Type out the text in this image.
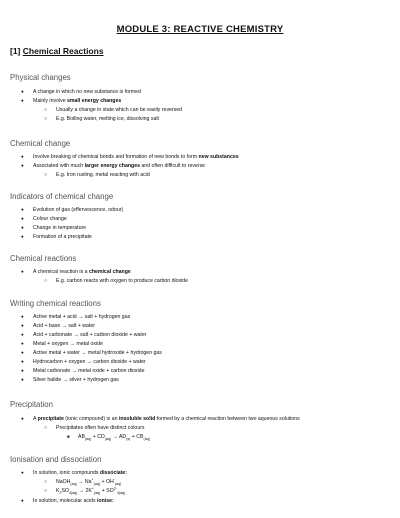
MODULE 3: REACTIVE CHEMISTRY
[1] Chemical Reactions
Physical changes
● A change in which no new substance is formed
● Mainly involve small energy changes
○ Usually a change in state which can be easily reversed
○ E.g. Boiling water, melting ice, dissolving salt
Chemical change
● Involve breaking of chemical bonds and formation of new bonds to form new substances
● Associated with much larger energy changes and often difficult to reverse
○ E.g. Iron rusting, metal reacting with acid
Indicators of chemical change
● Evolution of gas (effervescence, odour)
● Colour change
● Change in temperature
● Formation of a precipitate
Chemical reactions
● A chemical reaction is a chemical change
○ E.g. carbon reacts with oxygen to produce carbon dioxide
Writing chemical reactions
● Active metal + acid → salt + hydrogen gas
● Acid + base → salt + water
● Acid + carbonate → salt + carbon dioxide + water
● Metal + oxygen → metal oxide
● Active metal + water → metal hydroxide + hydrogen gas
● Hydrocarbon + oxygen → carbon dioxide + water
● Metal carbonate → metal oxide + carbon dioxide
● Silver halide → silver + hydrogen gas
Precipitation
● A precipitate (ionic compound) is an insoluble solid formed by a chemical reaction between two aqueous solutions
○ Precipitates often have distinct colours
■ $AB_{(aq)} + CD_{(aq)} \to AD_{(s)} + CB_{(aq)}$
Ionisation and dissociation
● In solution, ionic compounds dissociate:
○ NaOH$_{(aq)}$ → $Na^+_{(aq)} + OH^-_{(aq)}$
○ $K_2SO_{4(aq)} \to 2K^+_{(aq)} + SO^{2-}_{4(aq)}$
● In solution, molecular acids ionise:
